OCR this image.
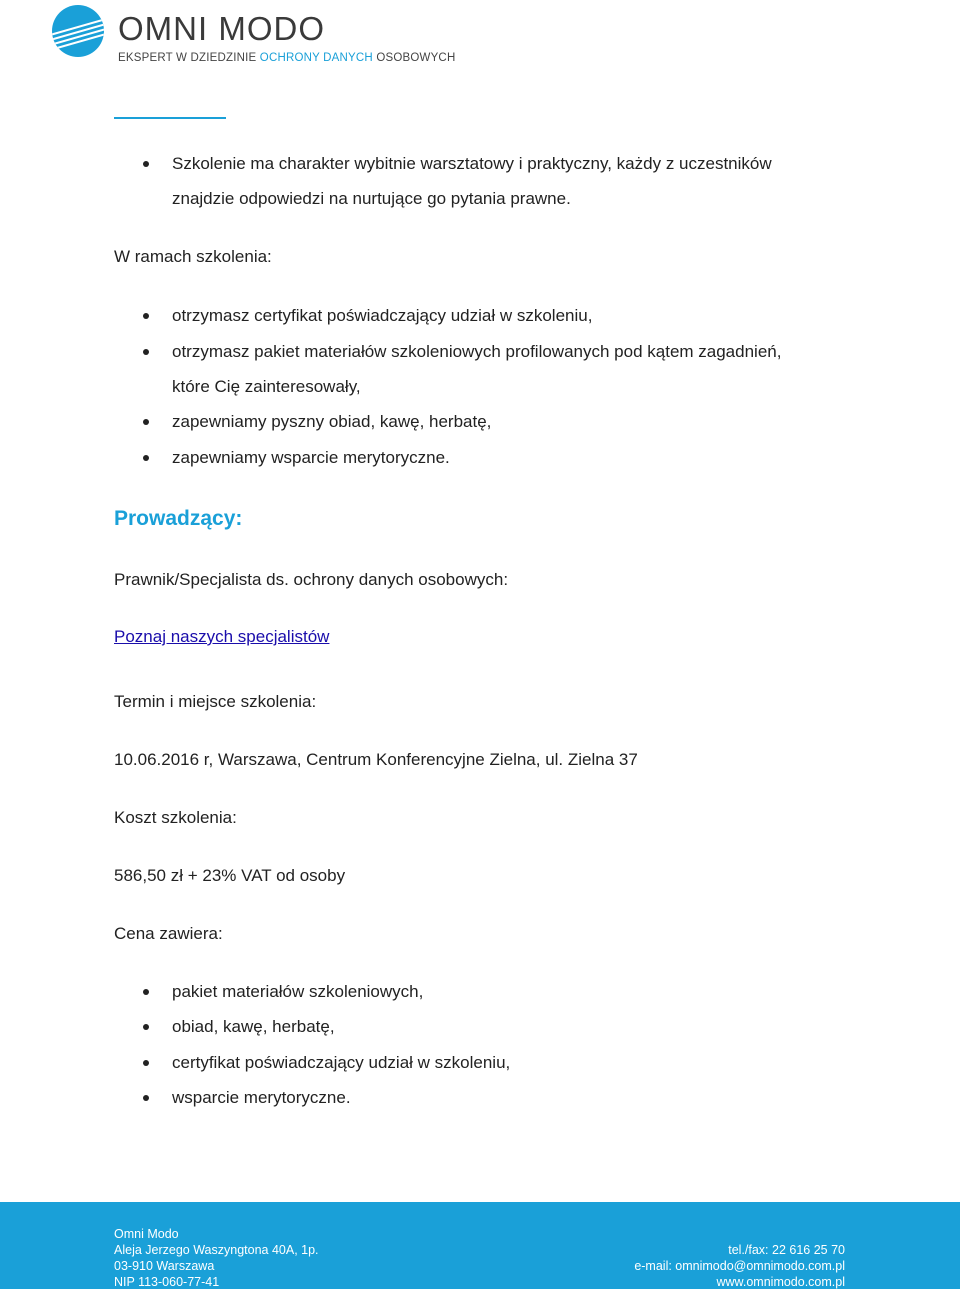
OMNI MODO
EKSPERT W DZIEDZINIE OCHRONY DANYCH OSOBOWYCH
Szkolenie ma charakter wybitnie warsztatowy i praktyczny, każdy z uczestników
znajdzie odpowiedzi na nurtujące go pytania prawne.
W ramach szkolenia:
otrzymasz certyfikat poświadczający udział w szkoleniu,
otrzymasz pakiet materiałów szkoleniowych profilowanych pod kątem zagadnień,
które Cię zainteresowały,
zapewniamy pyszny obiad, kawę, herbatę,
zapewniamy wsparcie merytoryczne.
Prowadzący:
Prawnik/Specjalista ds. ochrony danych osobowych:
Poznaj naszych specjalistów
Termin i miejsce szkolenia:
10.06.2016 r, Warszawa, Centrum Konferencyjne Zielna, ul. Zielna 37
Koszt szkolenia:
586,50 zł + 23% VAT od osoby
Cena zawiera:
pakiet materiałów szkoleniowych,
obiad, kawę, herbatę,
certyfikat poświadczający udział w szkoleniu,
wsparcie merytoryczne.
Omni Modo
Aleja Jerzego Waszyngtona 40A, 1p.
03-910 Warszawa
NIP 113-060-77-41
tel./fax: 22 616 25 70
e-mail: omnimodo@omnimodo.com.pl
www.omnimodo.com.pl
